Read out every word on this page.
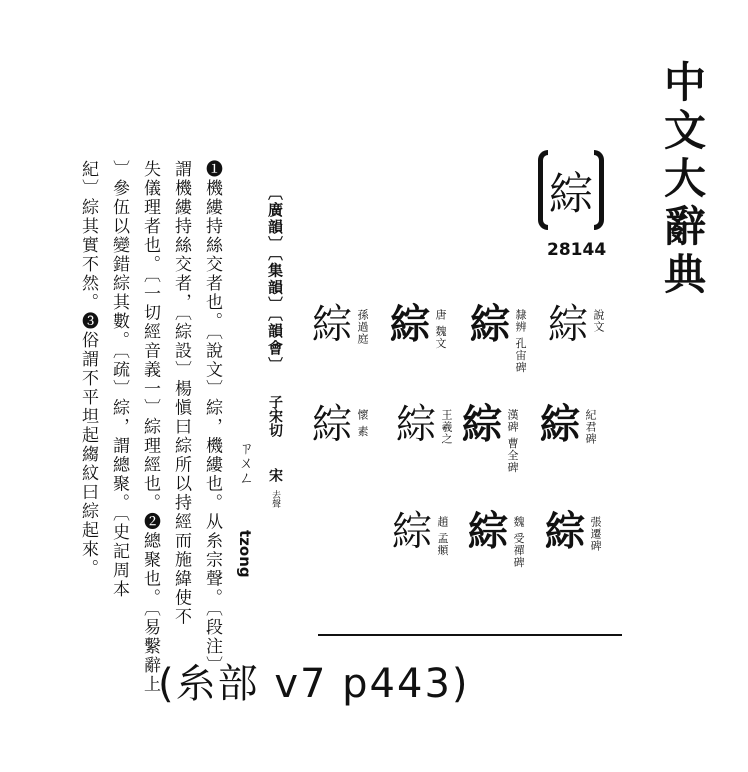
中文大辭典
綜
28144
綜 說文
綜 紀君碑
綜 張遷碑
綜 隸辨 孔宙碑
綜 漢碑 曹全碑
綜 魏 受禪碑
綜 唐 魏文
綜 王羲之
綜 趙 孟頫
綜 孫過庭
綜 懷 素
〔廣韻〕〔集韻〕〔韻會〕
子宋切
宋
去聲
ㄗㄨㄥ
tzong
❶機縷持絲交者也。〔說文〕綜，機縷也。从糸宗聲。〔段注〕
謂機縷持絲交者，〔綜設〕楊愼曰綜所以持經而施緯使不
失儀理者也。〔一切經音義一〕綜理經也。❷總聚也。〔易繫辭上
〕參伍以變錯綜其數。〔疏〕綜，謂總聚。〔史記周本
紀〕綜其實不然。❸俗謂不平坦起縐紋曰綜起來。
(糸部 v7 p443)
